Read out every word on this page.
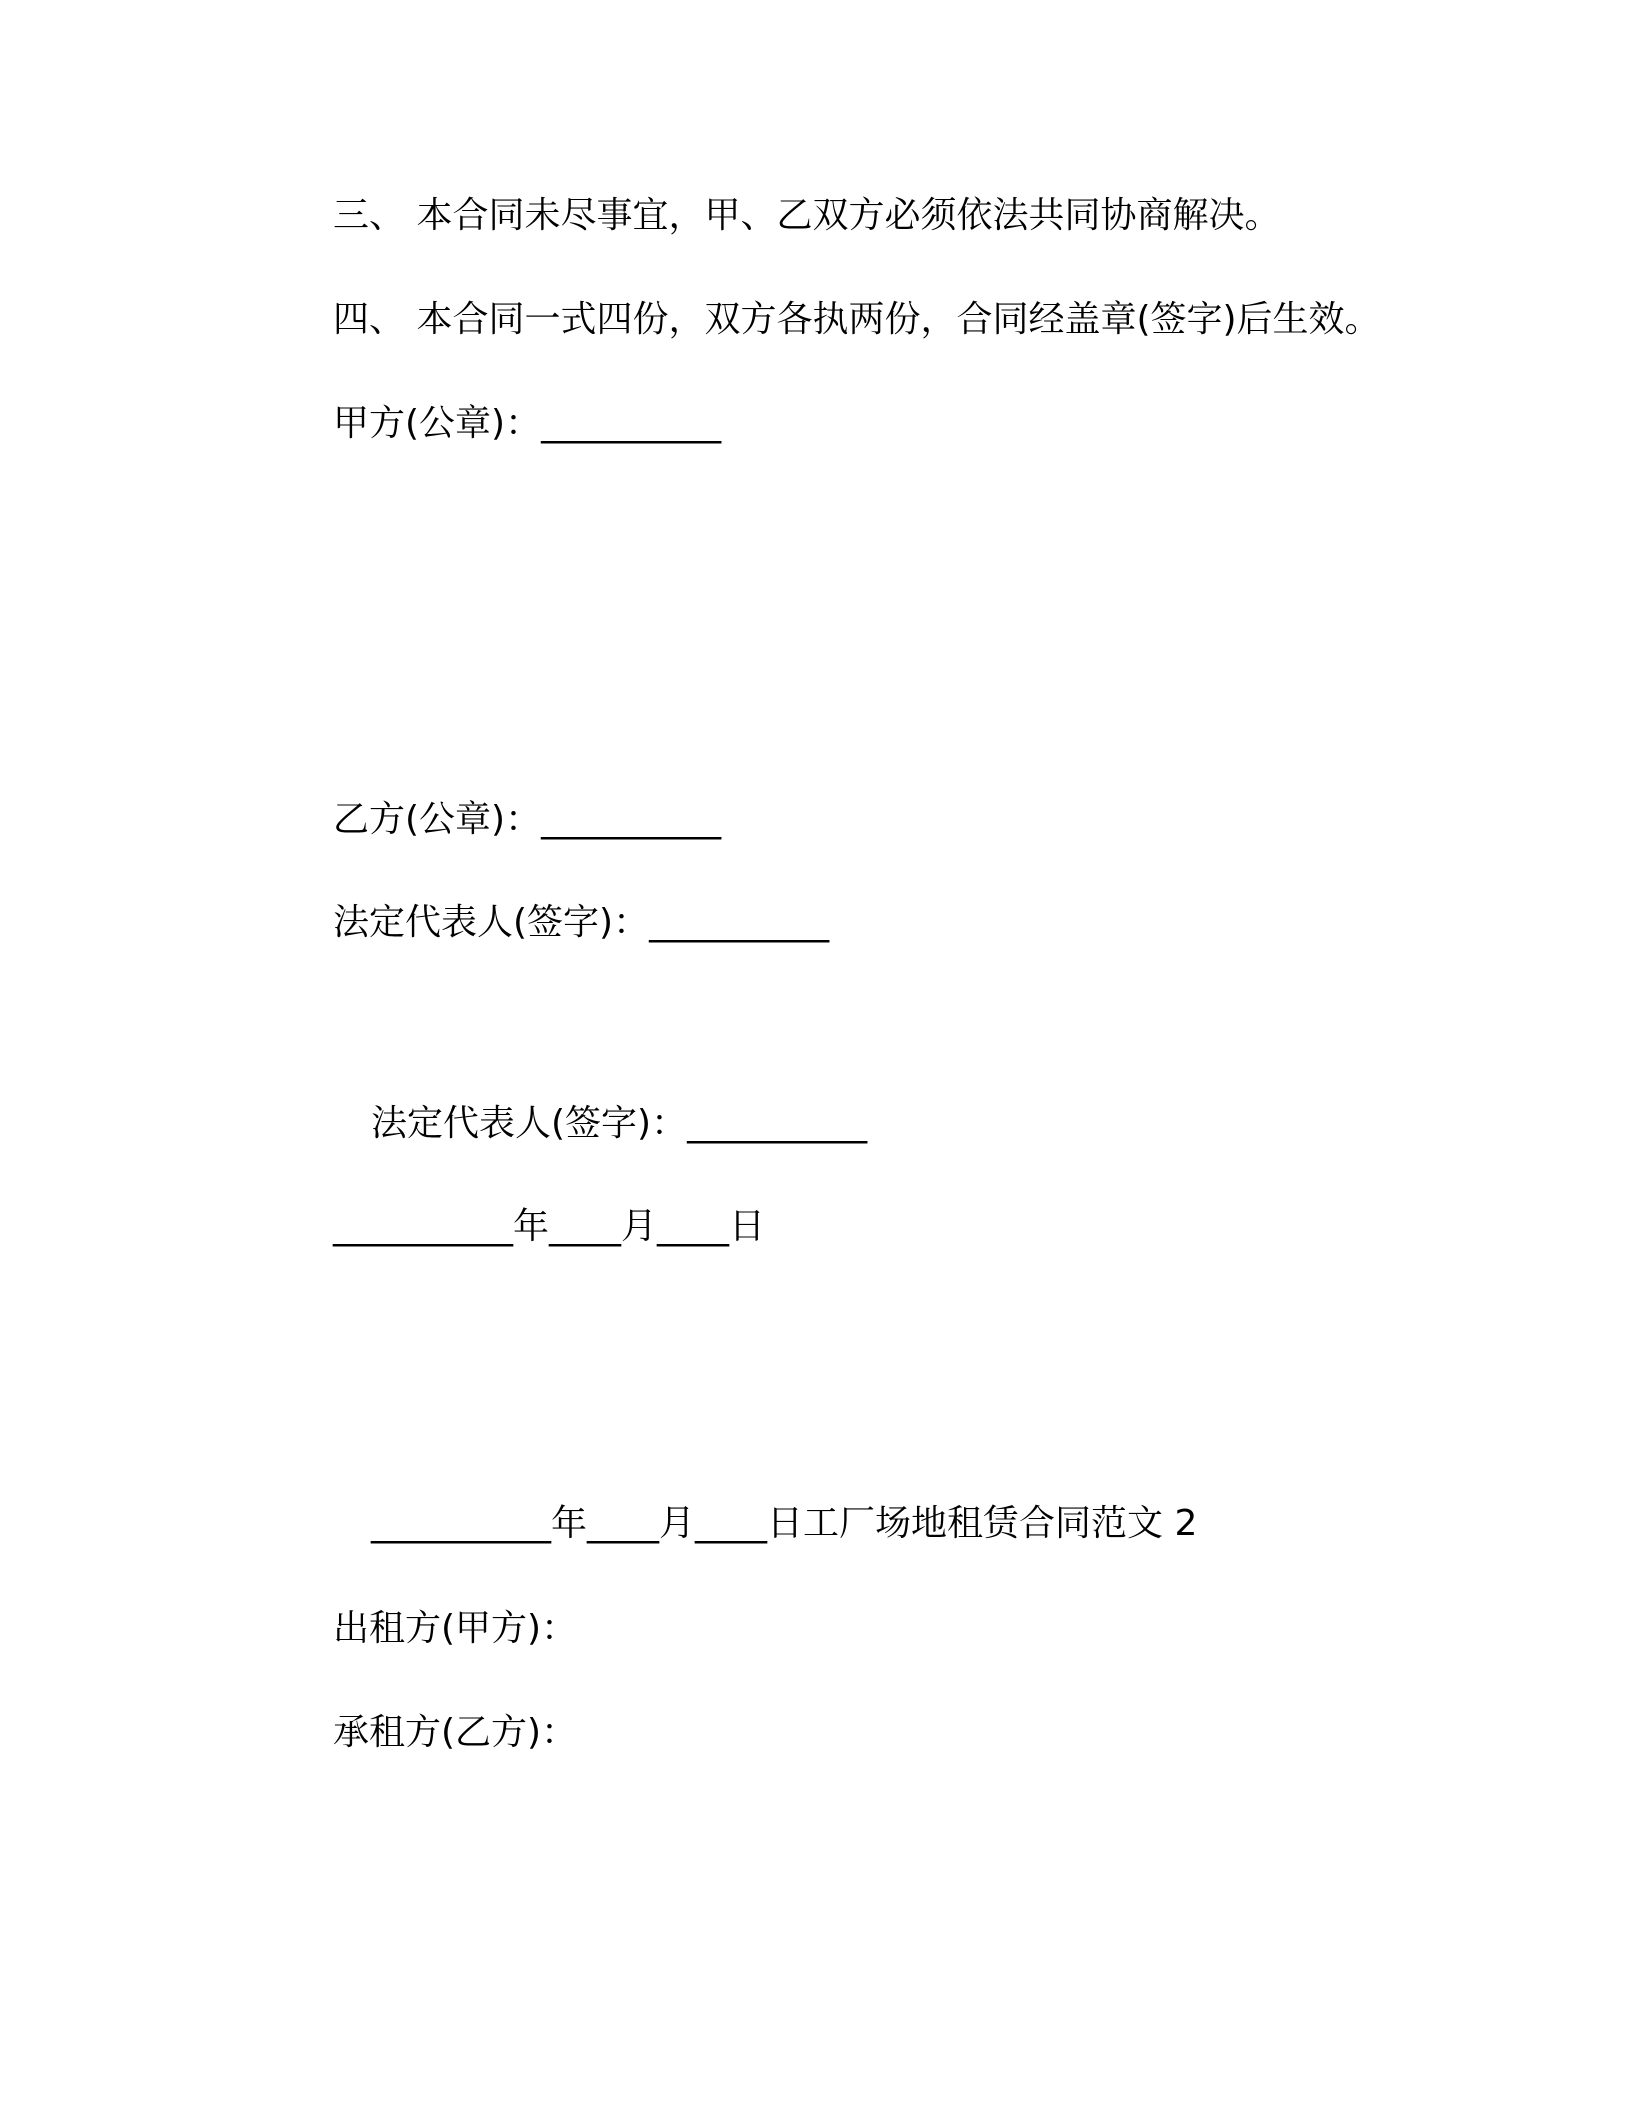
三、 本合同未尽事宜，甲、乙双方必须依法共同协商解决。
四、 本合同一式四份，双方各执两份，合同经盖章(签字)后生效。
甲方(公章)：__________
乙方(公章)：__________
法定代表人(签字)：__________
法定代表人(签字)：__________
__________年____月____日
__________年____月____日工厂场地租赁合同范文 2
出租方(甲方)：
承租方(乙方)：
